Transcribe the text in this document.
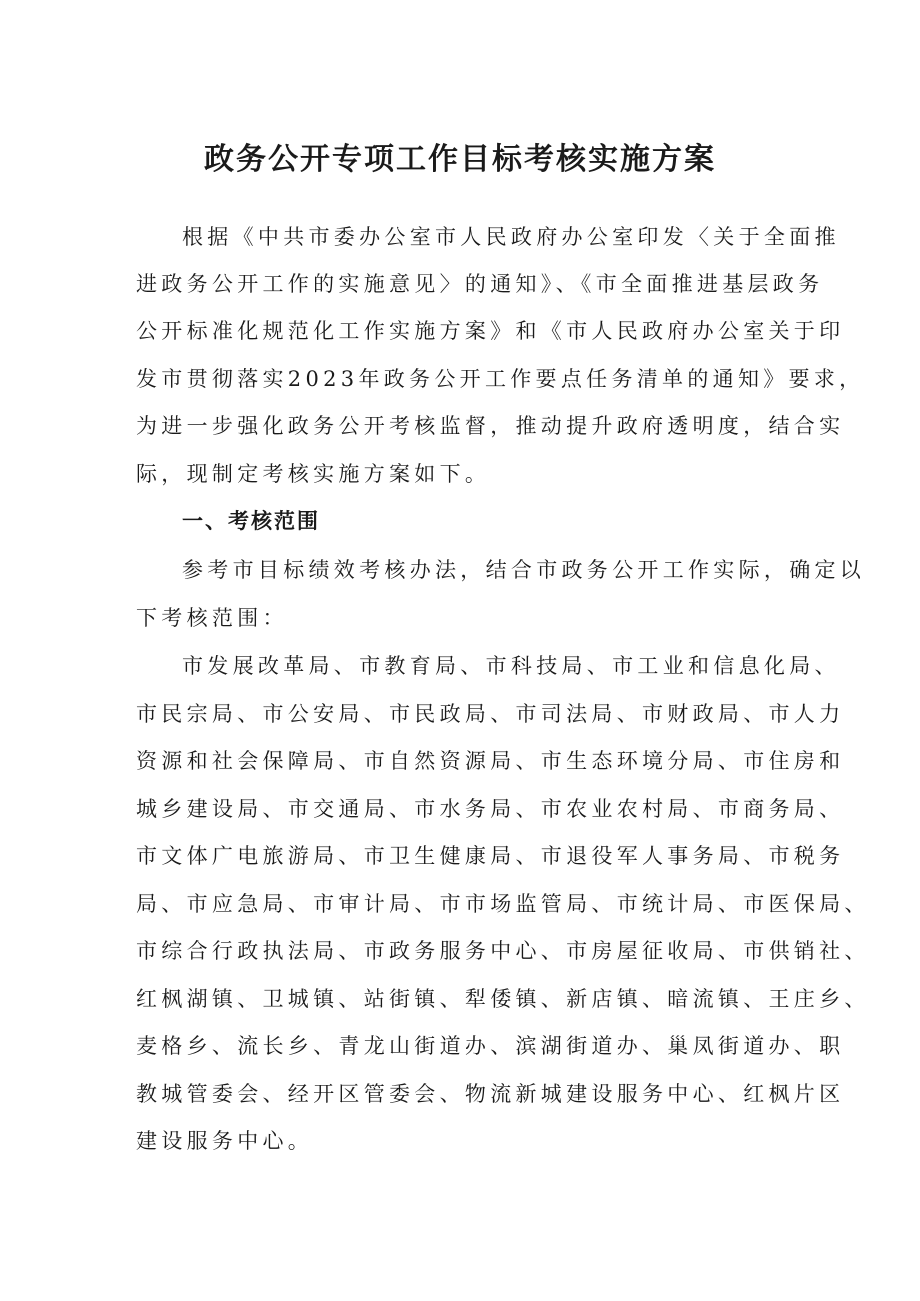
政务公开专项工作目标考核实施方案
根据《中共市委办公室市人民政府办公室印发〈关于全面推
进政务公开工作的实施意见〉的通知》、《市全面推进基层政务
公开标准化规范化工作实施方案》和《市人民政府办公室关于印
发市贯彻落实2023年政务公开工作要点任务清单的通知》要求，
为进一步强化政务公开考核监督，推动提升政府透明度，结合实
际，现制定考核实施方案如下。
一、考核范围
参考市目标绩效考核办法，结合市政务公开工作实际，确定以
下考核范围：
市发展改革局、市教育局、市科技局、市工业和信息化局、
市民宗局、市公安局、市民政局、市司法局、市财政局、市人力
资源和社会保障局、市自然资源局、市生态环境分局、市住房和
城乡建设局、市交通局、市水务局、市农业农村局、市商务局、
市文体广电旅游局、市卫生健康局、市退役军人事务局、市税务
局、市应急局、市审计局、市市场监管局、市统计局、市医保局、
市综合行政执法局、市政务服务中心、市房屋征收局、市供销社、
红枫湖镇、卫城镇、站街镇、犁倭镇、新店镇、暗流镇、王庄乡、
麦格乡、流长乡、青龙山街道办、滨湖街道办、巢凤街道办、职
教城管委会、经开区管委会、物流新城建设服务中心、红枫片区
建设服务中心。
